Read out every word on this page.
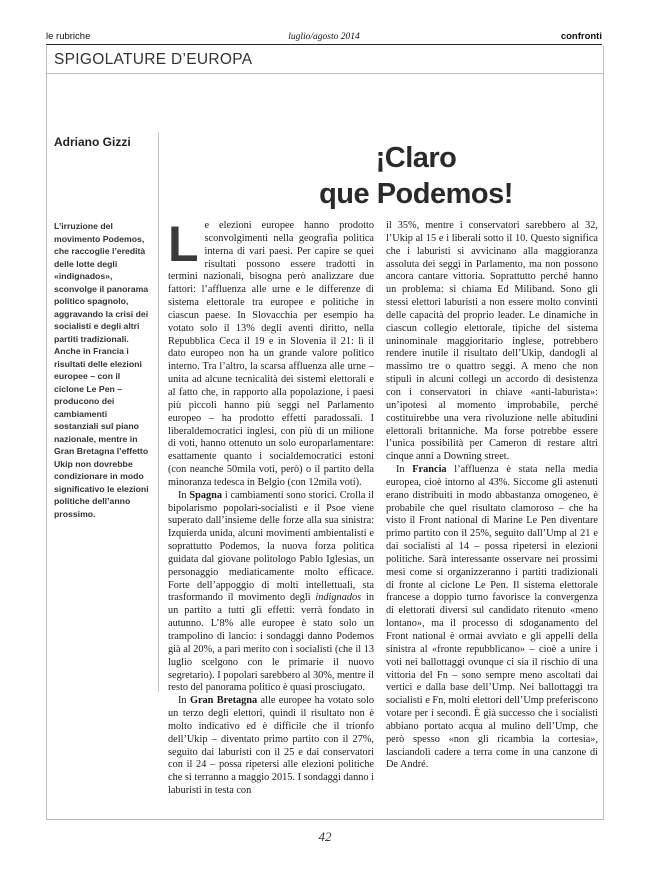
luglio/agosto 2014
le rubriche	confronti
SPIGOLATURE D’EUROPA
Adriano Gizzi
L’irruzione del movimento Podemos, che raccoglie l’eredità delle lotte degli «indignados», sconvolge il panorama politico spagnolo, aggravando la crisi dei socialisti e degli altri partiti tradizionali. Anche in Francia i risultati delle elezioni europee – con il ciclone Le Pen – producono dei cambiamenti sostanziali sul piano nazionale, mentre in Gran Bretagna l’effetto Ukip non dovrebbe condizionare in modo significativo le elezioni politiche dell’anno prossimo.
¡Claro
que Podemos!

Le elezioni europee hanno prodotto sconvolgimenti nella geografia politica interna di vari paesi. Per capire se quei risultati possono essere tradotti in termini nazionali, bisogna però analizzare due fattori: l’affluenza alle urne e le differenze di sistema elettorale tra europee e politiche in ciascun paese. In Slovacchia per esempio ha votato solo il 13% degli aventi diritto, nella Repubblica Ceca il 19 e in Slovenia il 21: lì il dato europeo non ha un grande valore politico interno. Tra l’altro, la scarsa affluenza alle urne – unita ad alcune tecnicalità dei sistemi elettorali e al fatto che, in rapporto alla popolazione, i paesi più piccoli hanno più seggi nel Parlamento europeo – ha prodotto effetti paradossali. I liberaldemocratici inglesi, con più di un milione di voti, hanno ottenuto un solo europarlamentare: esattamente quanto i socialdemocratici estoni (con neanche 50mila voti, però) o il partito della minoranza tedesca in Belgio (con 12mila voti).

In Spagna i cambiamenti sono storici. Crolla il bipolarismo popolari-socialisti e il Psoe viene superato dall’insieme delle forze alla sua sinistra: Izquierda unida, alcuni movimenti ambientalisti e soprattutto Podemos, la nuova forza politica guidata dal giovane politologo Pablo Iglesias, un personaggio mediaticamente molto efficace. Forte dell’appoggio di molti intellettuali, sta trasformando il movimento degli indignados in un partito a tutti gli effetti: verrà fondato in autunno. L’8% alle europee è stato solo un trampolino di lancio: i sondaggi danno Podemos già al 20%, a pari merito con i socialisti (che il 13 luglio scelgono con le primarie il nuovo segretario). I popolari sarebbero al 30%, mentre il resto del panorama politico è quasi prosciugato.

In Gran Bretagna alle europee ha votato solo un terzo degli elettori, quindi il risultato non è molto indicativo ed è difficile che il trionfo dell’Ukip – diventato primo partito con il 27%, seguito dai laburisti con il 25 e dai conservatori con il 24 – possa ripetersi alle elezioni politiche che si terranno a maggio 2015. I sondaggi danno i laburisti in testa con

il 35%, mentre i conservatori sarebbero al 32, l’Ukip al 15 e i liberali sotto il 10. Questo significa che i laburisti si avvicinano alla maggioranza assoluta dei seggi in Parlamento, ma non possono ancora cantare vittoria. Soprattutto perché hanno un problema: si chiama Ed Miliband. Sono gli stessi elettori laburisti a non essere molto convinti delle capacità del proprio leader. Le dinamiche in ciascun collegio elettorale, tipiche del sistema uninominale maggioritario inglese, potrebbero rendere inutile il risultato dell’Ukip, dandogli al massimo tre o quattro seggi. A meno che non stipuli in alcuni collegi un accordo di desistenza con i conservatori in chiave «anti-laburista»: un’ipotesi al momento improbabile, perché costituirebbe una vera rivoluzione nelle abitudini elettorali britanniche. Ma forse potrebbe essere l’unica possibilità per Cameron di restare altri cinque anni a Downing street.

In Francia l’affluenza è stata nella media europea, cioè intorno al 43%. Siccome gli astenuti erano distribuiti in modo abbastanza omogeneo, è probabile che quel risultato clamoroso – che ha visto il Front national di Marine Le Pen diventare primo partito con il 25%, seguito dall’Ump al 21 e dai socialisti al 14 – possa ripetersi in elezioni politiche. Sarà interessante osservare nei prossimi mesi come si organizzeranno i partiti tradizionali di fronte al ciclone Le Pen. Il sistema elettorale francese a doppio turno favorisce la convergenza di elettorati diversi sul candidato ritenuto «meno lontano», ma il processo di sdoganamento del Front national è ormai avviato e gli appelli della sinistra al «fronte repubblicano» – cioè a unire i voti nei ballottaggi ovunque ci sia il rischio di una vittoria del Fn – sono sempre meno ascoltati dai vertici e dalla base dell’Ump. Nei ballottaggi tra socialisti e Fn, molti elettori dell’Ump preferiscono votare per i secondi. È già successo che i socialisti abbiano portato acqua al mulino dell’Ump, che però spesso «non gli ricambia la cortesia», lasciandoli cadere a terra come in una canzone di De André.

42
